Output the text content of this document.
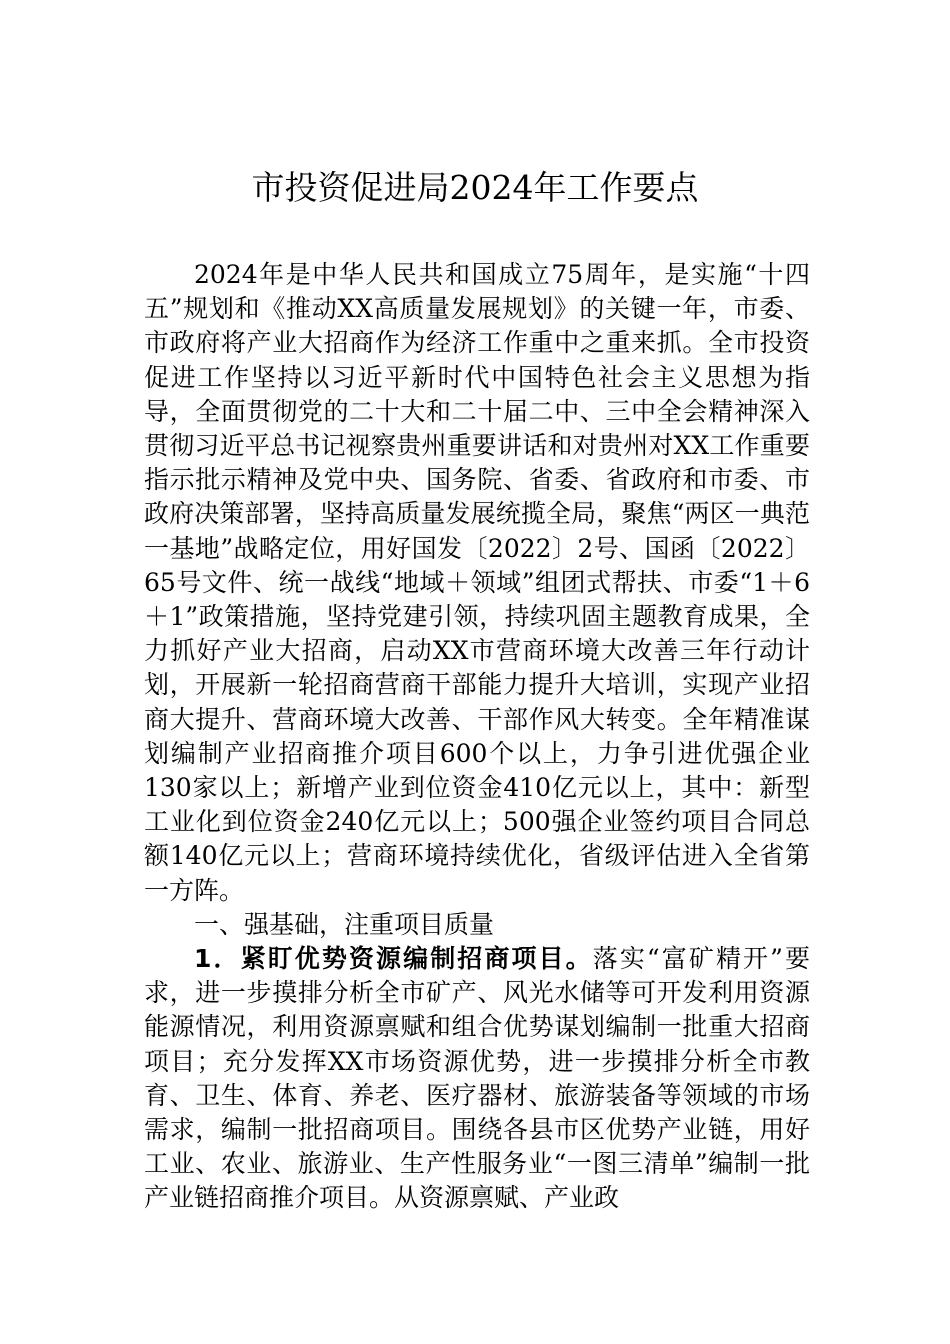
市投资促进局2024年工作要点

2024年是中华人民共和国成立75周年，是实施“十四五”规划和《推动XX高质量发展规划》的关键一年，市委、市政府将产业大招商作为经济工作重中之重来抓。全市投资促进工作坚持以习近平新时代中国特色社会主义思想为指导，全面贯彻党的二十大和二十届二中、三中全会精神深入贯彻习近平总书记视察贵州重要讲话和对贵州对XX工作重要指示批示精神及党中央、国务院、省委、省政府和市委、市政府决策部署，坚持高质量发展统揽全局，聚焦“两区一典范一基地”战略定位，用好国发〔2022〕2号、国函〔2022〕65号文件、统一战线“地域＋领域”组团式帮扶、市委“1＋6＋1”政策措施，坚持党建引领，持续巩固主题教育成果，全力抓好产业大招商，启动XX市营商环境大改善三年行动计划，开展新一轮招商营商干部能力提升大培训，实现产业招商大提升、营商环境大改善、干部作风大转变。全年精准谋划编制产业招商推介项目600个以上，力争引进优强企业130家以上；新增产业到位资金410亿元以上，其中：新型工业化到位资金240亿元以上；500强企业签约项目合同总额140亿元以上；营商环境持续优化，省级评估进入全省第一方阵。

一、强基础，注重项目质量

1．紧盯优势资源编制招商项目。落实“富矿精开”要求，进一步摸排分析全市矿产、风光水储等可开发利用资源能源情况，利用资源禀赋和组合优势谋划编制一批重大招商项目；充分发挥XX市场资源优势，进一步摸排分析全市教育、卫生、体育、养老、医疗器材、旅游装备等领域的市场需求，编制一批招商项目。围绕各县市区优势产业链，用好工业、农业、旅游业、生产性服务业“一图三清单”编制一批产业链招商推介项目。从资源禀赋、产业政
